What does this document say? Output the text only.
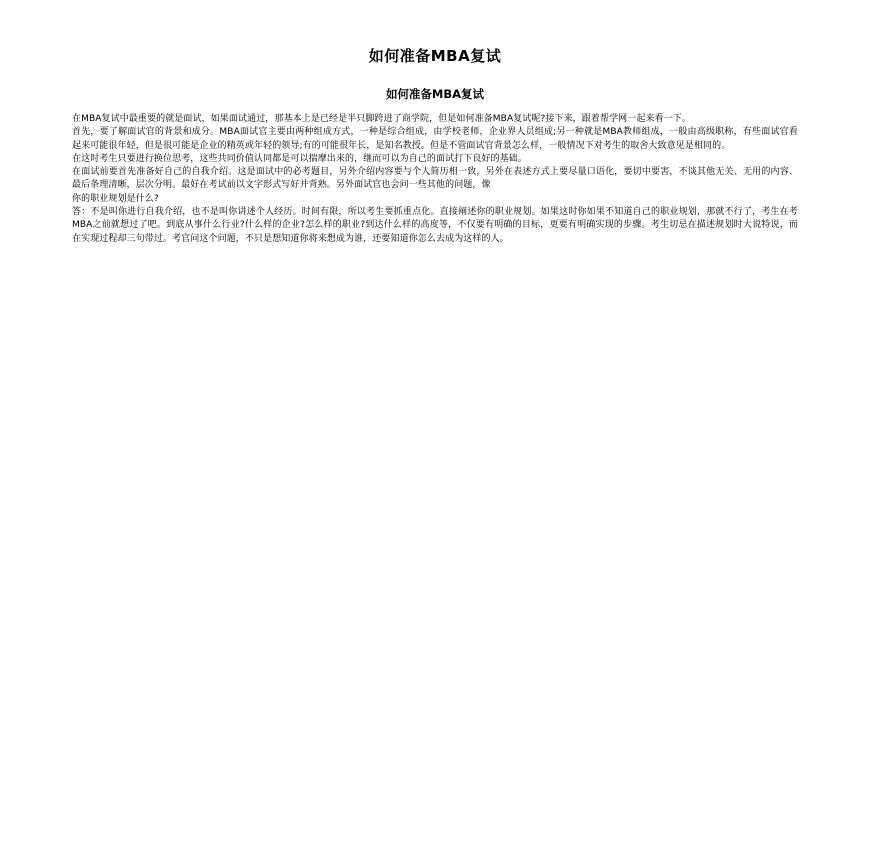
如何准备MBA复试
如何准备MBA复试

在MBA复试中最重要的就是面试，如果面试通过，那基本上是已经是半只脚跨进了商学院，但是如何准备MBA复试呢?接下来，跟着帮学网一起来看一下。

首先，要了解面试官的背景和成分。MBA面试官主要由两种组成方式，一种是综合组成，由学校老师，企业界人员组成;另一种就是MBA教师组成，一般由高级职称，有些面试官看起来可能很年轻，但是很可能是企业的精英或年轻的领导;有的可能很年长，是知名教授。但是不管面试官背景怎么样，一般情况下对考生的取舍大致意见是相同的。

在这时考生只要进行换位思考，这些共同价值认同都是可以揣摩出来的，继而可以为自己的面试打下良好的基础。

在面试前要首先准备好自己的自我介绍。这是面试中的必考题目，另外介绍内容要与个人简历相一致，另外在表述方式上要尽量口语化，要切中要害，不谈其他无关、无用的内容、最后条理清晰，层次分明。最好在考试前以文字形式写好并背熟。另外面试官也会问一些其他的问题，像

你的职业规划是什么?

答：不是叫你进行自我介绍，也不是叫你讲述个人经历。时间有限，所以考生要抓重点化。直接阐述你的职业规划。如果这时你如果不知道自己的职业规划，那就不行了，考生在考MBA之前就想过了吧。到底从事什么行业?什么样的企业?怎么样的职业?到达什么样的高度等，不仅要有明确的目标，更要有明确实现的步骤。考生切忌在描述规划时大说特说，而在实现过程却三句带过。考官问这个问题，不只是想知道你将来想成为谁，还要知道你怎么去成为这样的人。
